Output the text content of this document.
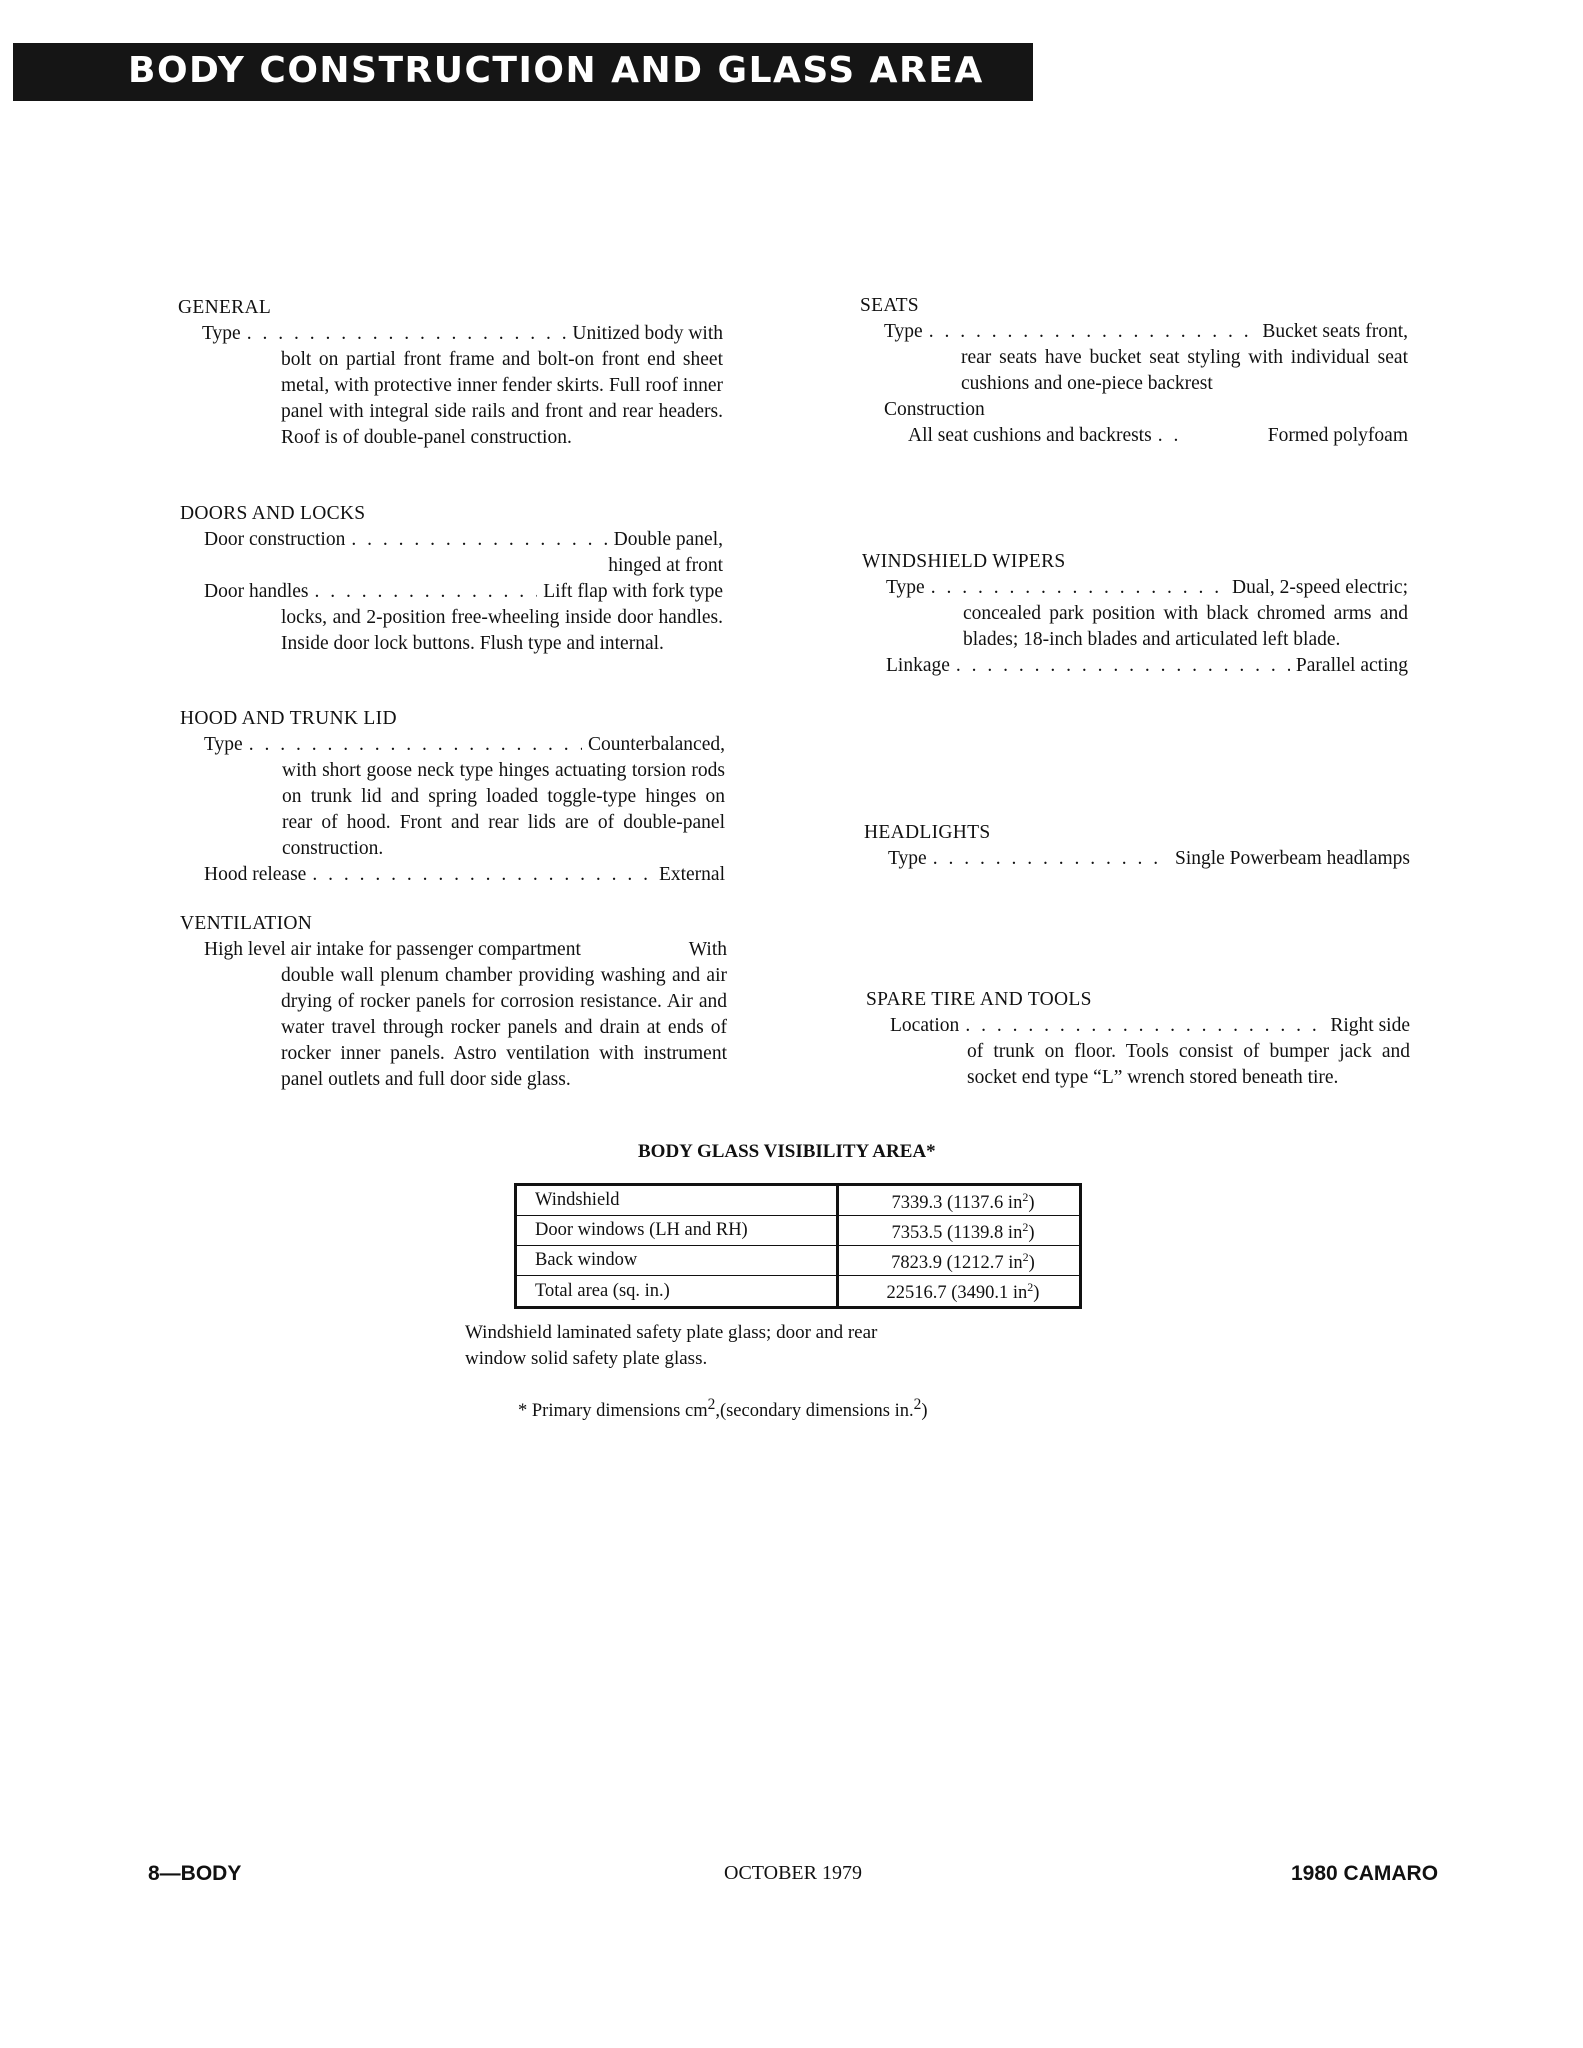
BODY CONSTRUCTION AND GLASS AREA
GENERAL
Type . . .	Unitized body with
bolt on partial front frame and bolt-on front end sheet metal, with protective inner fender skirts. Full roof inner panel with integral side rails and front and rear headers. Roof is of double-panel construction.
DOORS AND LOCKS
Door construction . . .	Double panel,
hinged at front
Door handles . . .	Lift flap with fork type
locks, and 2-position free-wheeling inside door handles. Inside door lock buttons. Flush type and internal.
HOOD AND TRUNK LID
Type . . .	Counterbalanced,
with short goose neck type hinges actuating torsion rods on trunk lid and spring loaded toggle-type hinges on rear of hood. Front and rear lids are of double-panel construction.
Hood release . . .	External
VENTILATION
High level air intake for passenger compartment	With
double wall plenum chamber providing washing and air drying of rocker panels for corrosion resistance. Air and water travel through rocker panels and drain at ends of rocker inner panels. Astro ventilation with instrument panel outlets and full door side glass.
SEATS
Type . . .	Bucket seats front,
rear seats have bucket seat styling with individual seat cushions and one-piece backrest
Construction
All seat cushions and backrests . . .	Formed polyfoam
WINDSHIELD WIPERS
Type . . .	Dual, 2-speed electric;
concealed park position with black chromed arms and blades; 18-inch blades and articulated left blade.
Linkage . . .	Parallel acting
HEADLIGHTS
Type . . .	Single Powerbeam headlamps
SPARE TIRE AND TOOLS
Location . . .	Right side
of trunk on floor. Tools consist of bumper jack and socket end type “L” wrench stored beneath tire.
BODY GLASS VISIBILITY AREA*
Windshield	7339.3 (1137.6 $in^2$)
Door windows (LH and RH)	7353.5 (1139.8 $in^2$)
Back window	7823.9 (1212.7 $in^2$)
Total area (sq. in.)	22516.7 (3490.1 $in^2$)
Windshield laminated safety plate glass; door and rear window solid safety plate glass.
* Primary dimensions $cm^2,(secondary$ dimensions in.$^2$)
8—BODY	OCTOBER 1979	1980 CAMARO
